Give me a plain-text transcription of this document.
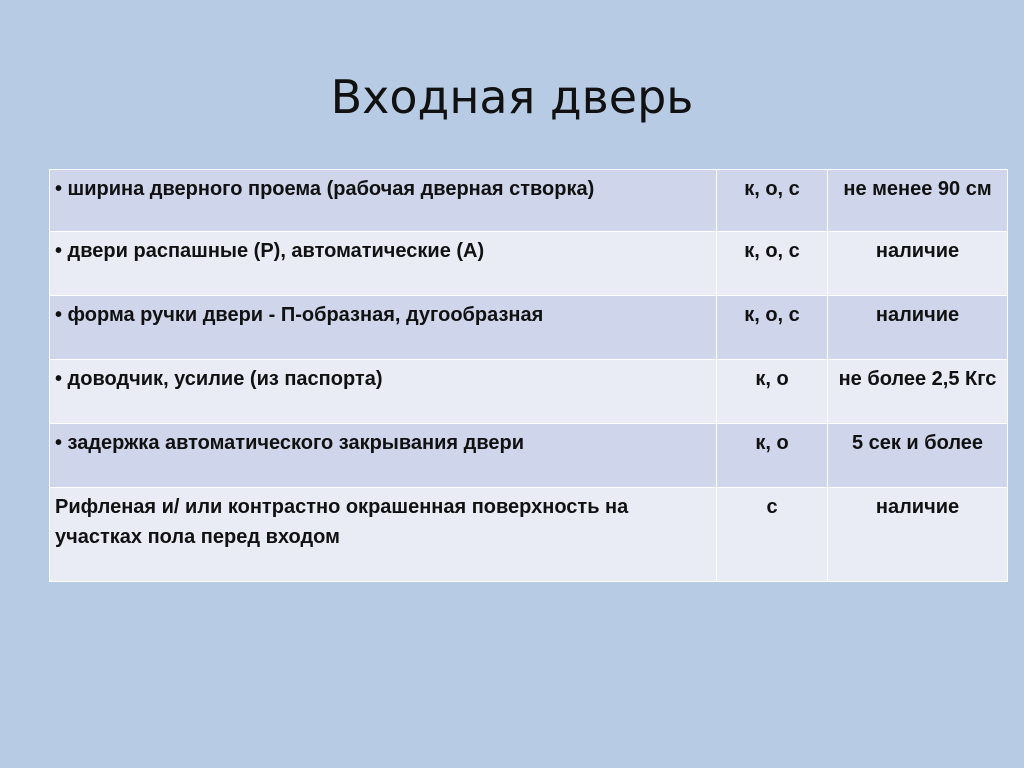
Входная дверь
• ширина дверного проема (рабочая дверная створка)	к, о, с	не менее 90 см
• двери распашные (Р), автоматические (А)	к, о, с	наличие
• форма ручки двери - П-образная, дугообразная	к, о, с	наличие
• доводчик, усилие (из паспорта)	к, о	не более 2,5 Кгс
• задержка автоматического закрывания двери	к, о	5 сек и более
Рифленая и/ или контрастно окрашенная поверхность на участках пола перед входом	с	наличие
